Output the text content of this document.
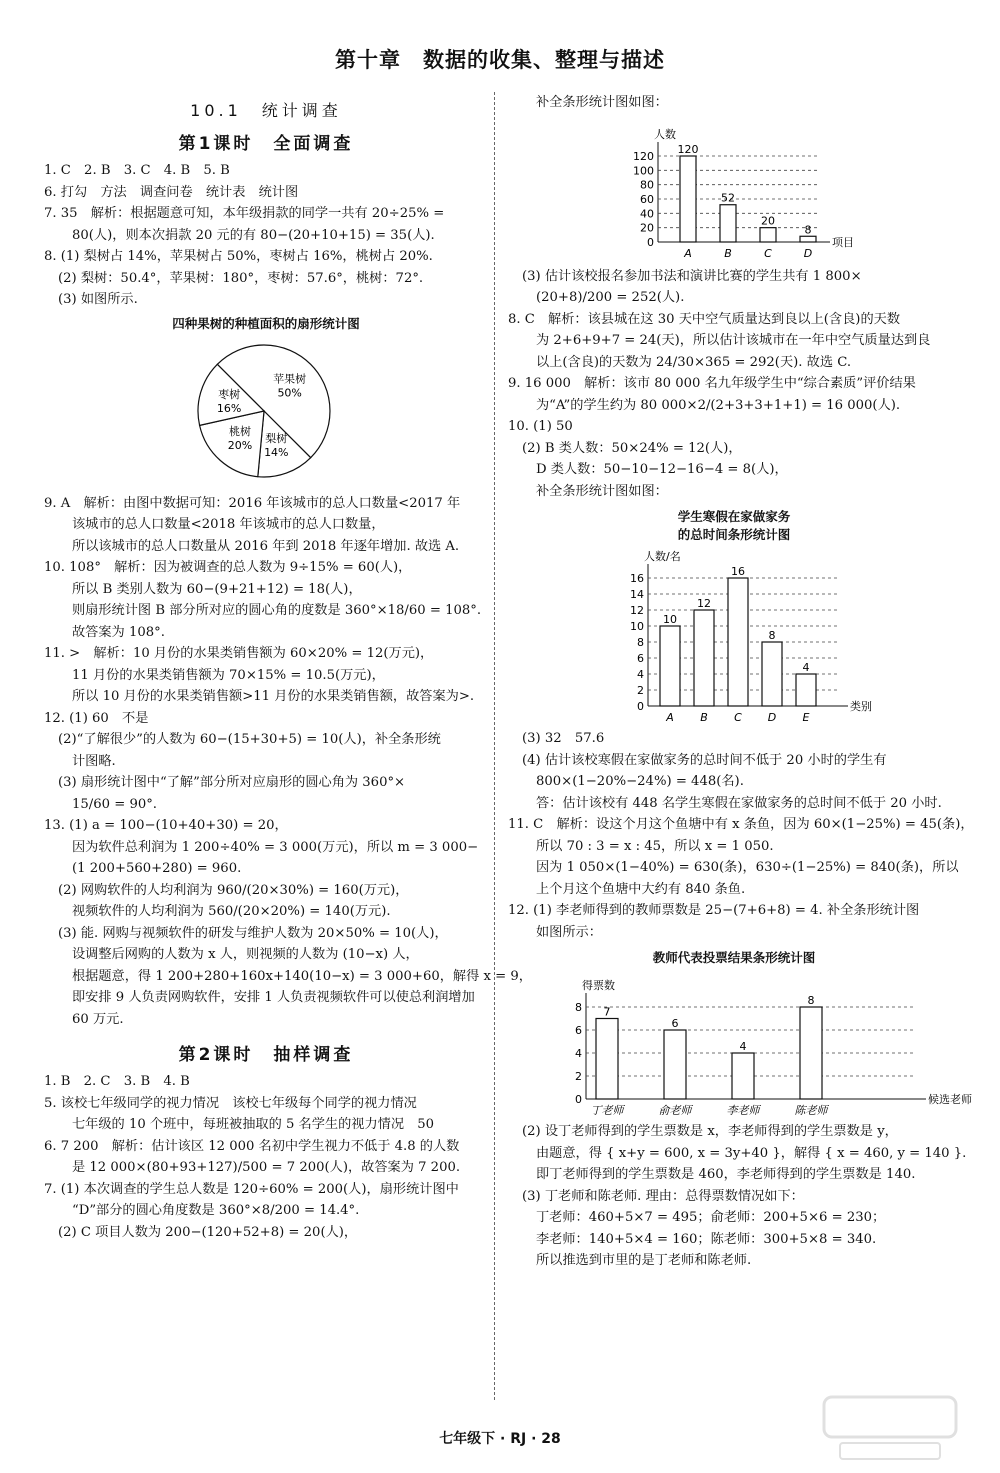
第十章　数据的收集、整理与描述
10.1　统计调查
第1课时　全面调查
1. C　2. B　3. C　4. B　5. B
6. 打勾　方法　调查问卷　统计表　统计图
7. 35　解析：根据题意可知，本年级捐款的同学一共有 20÷25% =
80(人)，则本次捐款 20 元的有 80−(20+10+15) = 35(人).
8. (1) 梨树占 14%，苹果树占 50%，枣树占 16%，桃树占 20%.
(2) 梨树：50.4°，苹果树：180°，枣树：57.6°，桃树：72°.
(3) 如图所示.
四种果树的种植面积的扇形统计图
苹果树
50%
梨树
14%
桃树
20%
枣树
16%
9. A　解析：由图中数据可知：2016 年该城市的总人口数量<2017 年
该城市的总人口数量<2018 年该城市的总人口数量，
所以该城市的总人口数量从 2016 年到 2018 年逐年增加. 故选 A.
10. 108°　解析：因为被调查的总人数为 9÷15% = 60(人)，
所以 B 类别人数为 60−(9+21+12) = 18(人)，
则扇形统计图 B 部分所对应的圆心角的度数是 360°×18/60 = 108°.
故答案为 108°.
11. >　解析：10 月份的水果类销售额为 60×20% = 12(万元)，
11 月份的水果类销售额为 70×15% = 10.5(万元)，
所以 10 月份的水果类销售额>11 月份的水果类销售额，故答案为>.
12. (1) 60　不是
(2)“了解很少”的人数为 60−(15+30+5) = 10(人)，补全条形统
计图略.
(3) 扇形统计图中“了解”部分所对应扇形的圆心角为 360°×
15/60 = 90°.
13. (1) a = 100−(10+40+30) = 20，
因为软件总利润为 1 200÷40% = 3 000(万元)，所以 m = 3 000−
(1 200+560+280) = 960.
(2) 网购软件的人均利润为 960/(20×30%) = 160(万元)，
视频软件的人均利润为 560/(20×20%) = 140(万元).
(3) 能. 网购与视频软件的研发与维护人数为 20×50% = 10(人)，
设调整后网购的人数为 x 人，则视频的人数为 (10−x) 人，
根据题意，得 1 200+280+160x+140(10−x) = 3 000+60，解得 x = 9，
即安排 9 人负责网购软件，安排 1 人负责视频软件可以使总利润增加
60 万元.
第2课时　抽样调查
1. B　2. C　3. B　4. B
5. 该校七年级同学的视力情况　该校七年级每个同学的视力情况
七年级的 10 个班中，每班被抽取的 5 名学生的视力情况　50
6. 7 200　解析：估计该区 12 000 名初中学生视力不低于 4.8 的人数
是 12 000×(80+93+127)/500 = 7 200(人)，故答案为 7 200.
7. (1) 本次调查的学生总人数是 120÷60% = 200(人)，扇形统计图中
“D”部分的圆心角度数是 360°×8/200 = 14.4°.
(2) C 项目人数为 200−(120+52+8) = 20(人)，
补全条形统计图如图：
人数
项目
0
20
40
60
80
100
120
120
A
52
B
20
C
8
D
(3) 估计该校报名参加书法和演讲比赛的学生共有 1 800×
(20+8)/200 = 252(人).
8. C　解析：该县城在这 30 天中空气质量达到良以上(含良)的天数
为 2+6+9+7 = 24(天)，所以估计该城市在一年中空气质量达到良
以上(含良)的天数为 24/30×365 = 292(天). 故选 C.
9. 16 000　解析：该市 80 000 名九年级学生中“综合素质”评价结果
为“A”的学生约为 80 000×2/(2+3+3+1+1) = 16 000(人).
10. (1) 50
(2) B 类人数：50×24% = 12(人)，
D 类人数：50−10−12−16−4 = 8(人)，
补全条形统计图如图：
学生寒假在家做家务
的总时间条形统计图
人数/名
类别
0
2
4
6
8
10
12
14
16
10
A
12
B
16
C
8
D
4
E
(3) 32　57.6
(4) 估计该校寒假在家做家务的总时间不低于 20 小时的学生有
800×(1−20%−24%) = 448(名).
答：估计该校有 448 名学生寒假在家做家务的总时间不低于 20 小时.
11. C　解析：设这个月这个鱼塘中有 x 条鱼，因为 60×(1−25%) = 45(条)，
所以 70 : 3 = x : 45，所以 x = 1 050.
因为 1 050×(1−40%) = 630(条)，630÷(1−25%) = 840(条)，所以
上个月这个鱼塘中大约有 840 条鱼.
12. (1) 李老师得到的教师票数是 25−(7+6+8) = 4. 补全条形统计图
如图所示：
教师代表投票结果条形统计图
得票数
候选老师
0
2
4
6
8 7
丁老师
6
俞老师
4
李老师
8
陈老师
(2) 设丁老师得到的学生票数是 x，李老师得到的学生票数是 y，
由题意，得 { x+y = 600, x = 3y+40 }，解得 { x = 460, y = 140 }.
即丁老师得到的学生票数是 460，李老师得到的学生票数是 140.
(3) 丁老师和陈老师. 理由：总得票数情况如下：
丁老师：460+5×7 = 495；俞老师：200+5×6 = 230；
李老师：140+5×4 = 160；陈老师：300+5×8 = 340.
所以推选到市里的是丁老师和陈老师.
七年级下 · RJ · 28
